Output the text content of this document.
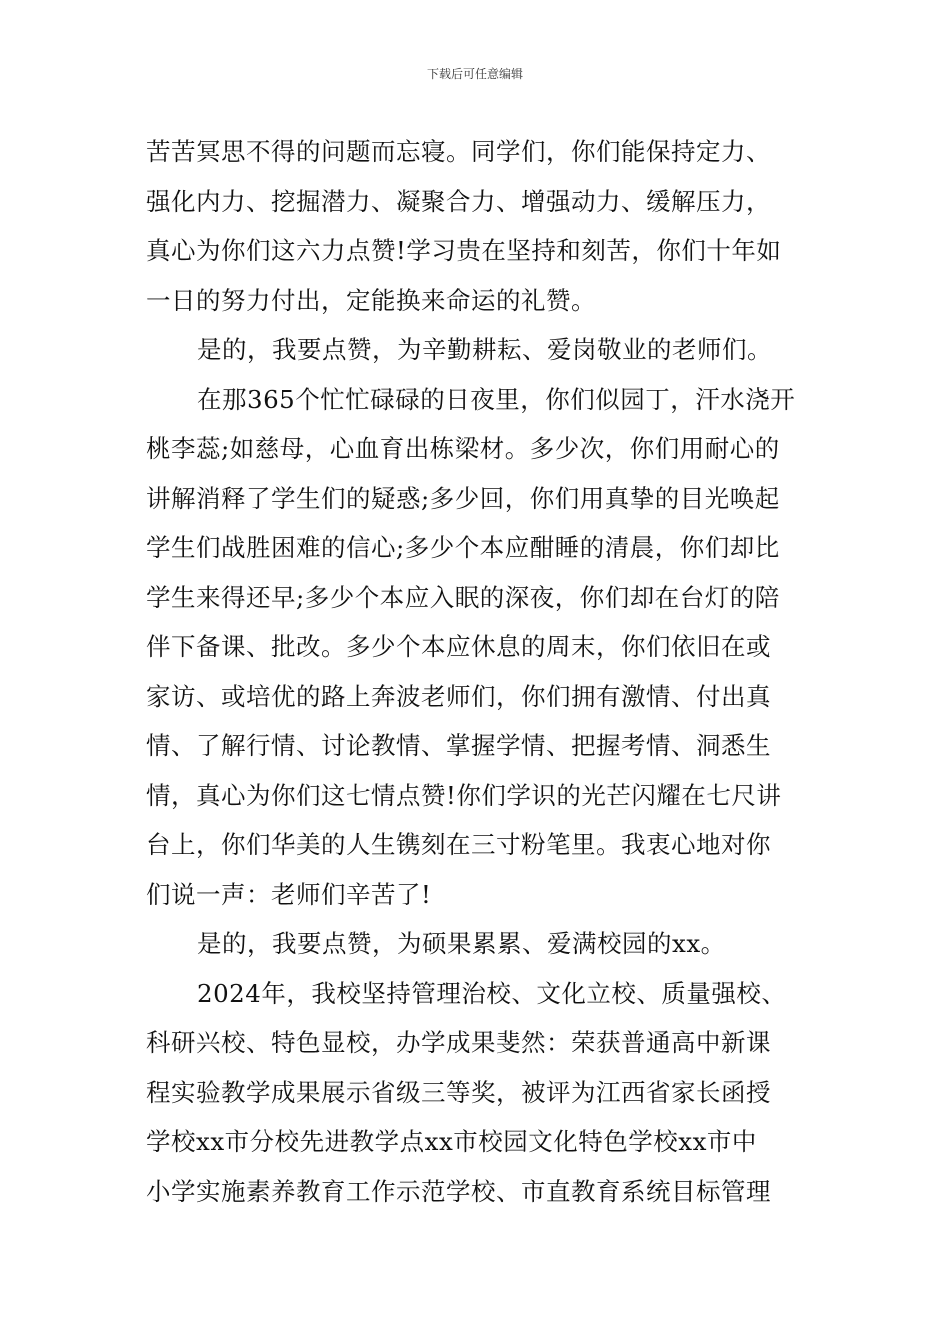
下载后可任意编辑
苦苦冥思不得的问题而忘寝。同学们，你们能保持定力、
强化内力、挖掘潜力、凝聚合力、增强动力、缓解压力，
真心为你们这六力点赞!学习贵在坚持和刻苦，你们十年如
一日的努力付出，定能换来命运的礼赞。
是的，我要点赞，为辛勤耕耘、爱岗敬业的老师们。
在那365个忙忙碌碌的日夜里，你们似园丁，汗水浇开
桃李蕊;如慈母，心血育出栋梁材。多少次，你们用耐心的
讲解消释了学生们的疑惑;多少回，你们用真挚的目光唤起
学生们战胜困难的信心;多少个本应酣睡的清晨，你们却比
学生来得还早;多少个本应入眠的深夜，你们却在台灯的陪
伴下备课、批改。多少个本应休息的周末，你们依旧在或
家访、或培优的路上奔波老师们，你们拥有激情、付出真
情、了解行情、讨论教情、掌握学情、把握考情、洞悉生
情，真心为你们这七情点赞!你们学识的光芒闪耀在七尺讲
台上，你们华美的人生镌刻在三寸粉笔里。我衷心地对你
们说一声：老师们辛苦了!
是的，我要点赞，为硕果累累、爱满校园的xx。
2024年，我校坚持管理治校、文化立校、质量强校、
科研兴校、特色显校，办学成果斐然：荣获普通高中新课
程实验教学成果展示省级三等奖，被评为江西省家长函授
学校xx市分校先进教学点xx市校园文化特色学校xx市中
小学实施素养教育工作示范学校、市直教育系统目标管理
